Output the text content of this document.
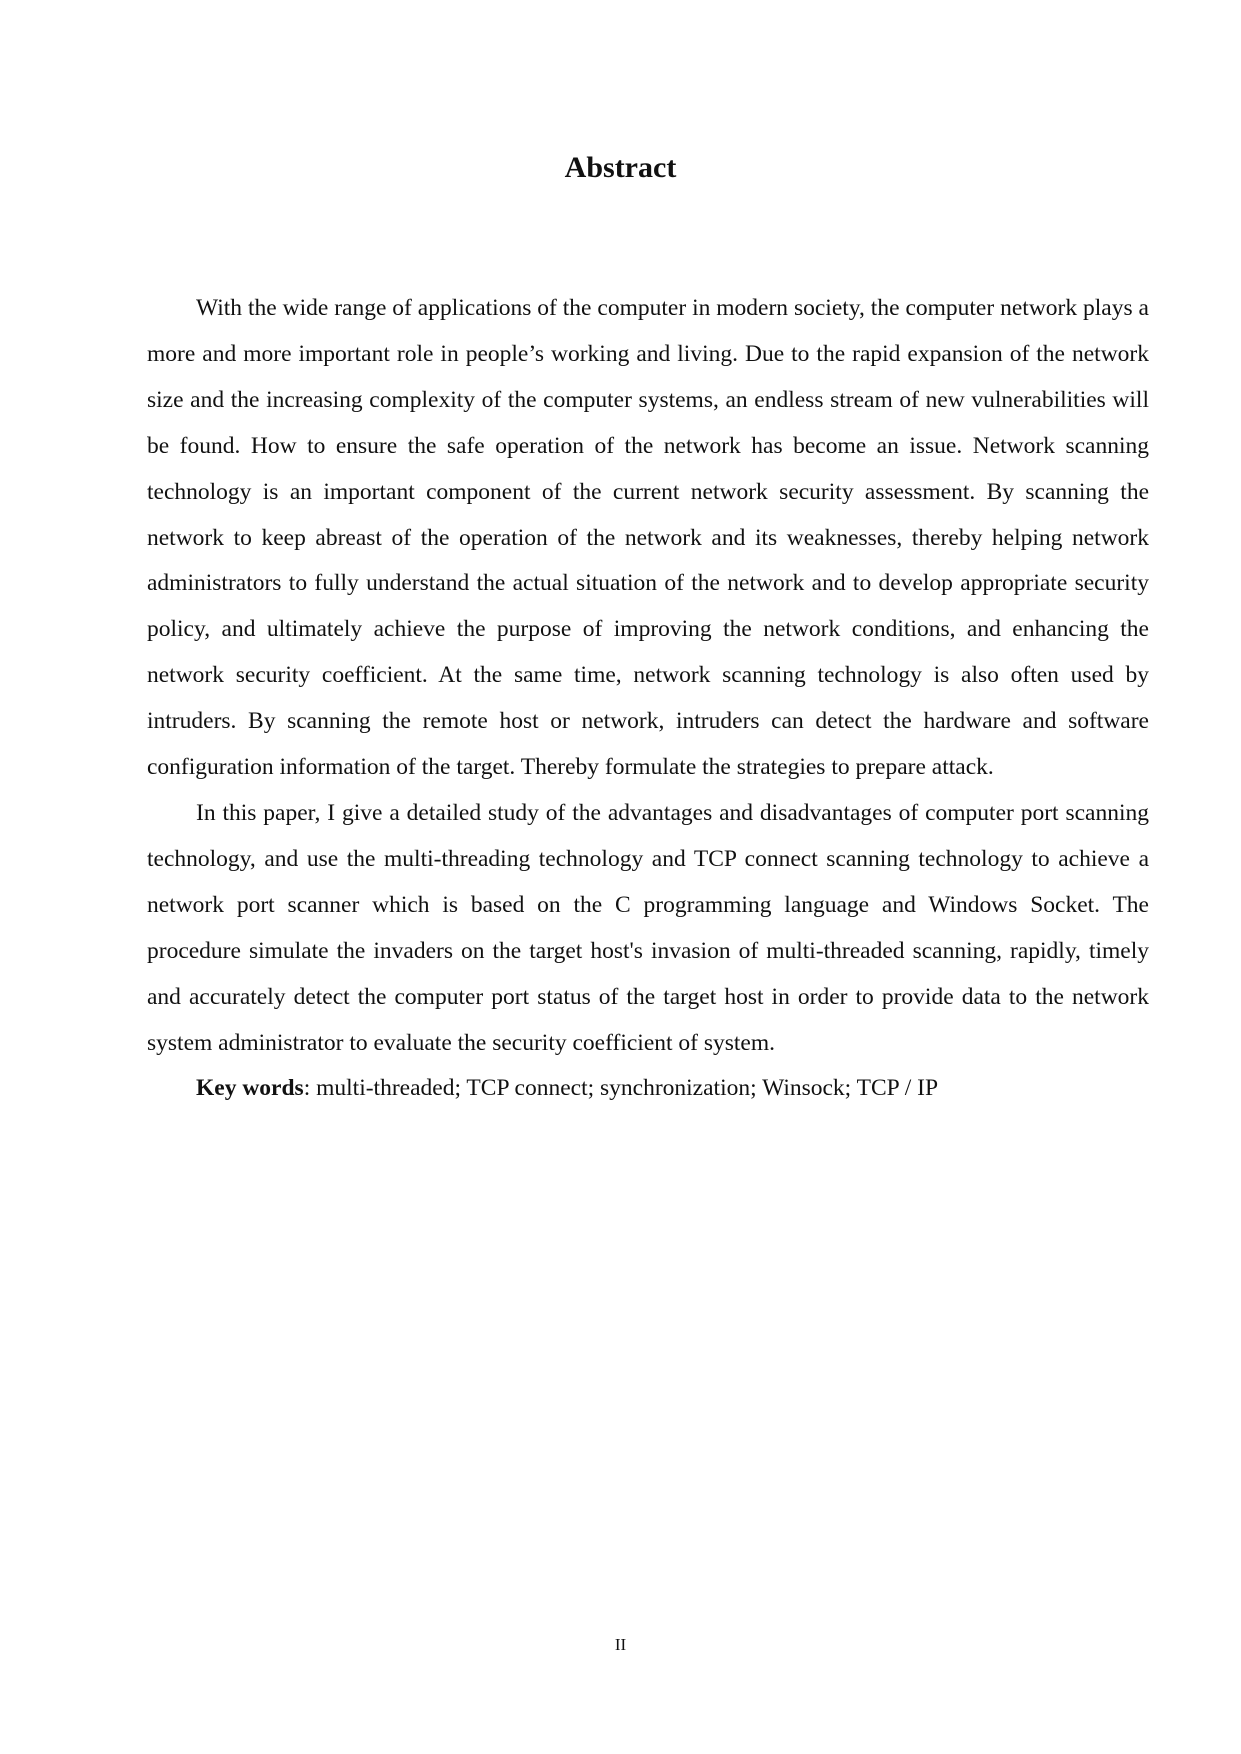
Abstract

With the wide range of applications of the computer in modern society, the computer network plays a more and more important role in people’s working and living. Due to the rapid expansion of the network size and the increasing complexity of the computer systems, an endless stream of new vulnerabilities will be found. How to ensure the safe operation of the network has become an issue. Network scanning technology is an important component of the current network security assessment. By scanning the network to keep abreast of the operation of the network and its weaknesses, thereby helping network administrators to fully understand the actual situation of the network and to develop appropriate security policy, and ultimately achieve the purpose of improving the network conditions, and enhancing the network security coefficient. At the same time, network scanning technology is also often used by intruders. By scanning the remote host or network, intruders can detect the hardware and software configuration information of the target. Thereby formulate the strategies to prepare attack.

In this paper, I give a detailed study of the advantages and disadvantages of computer port scanning technology, and use the multi-threading technology and TCP connect scanning technology to achieve a network port scanner which is based on the C programming language and Windows Socket. The procedure simulate the invaders on the target host's invasion of multi-threaded scanning, rapidly, timely and accurately detect the computer port status of the target host in order to provide data to the network system administrator to evaluate the security coefficient of system.

Key words: multi-threaded; TCP connect; synchronization; Winsock; TCP / IP

II
